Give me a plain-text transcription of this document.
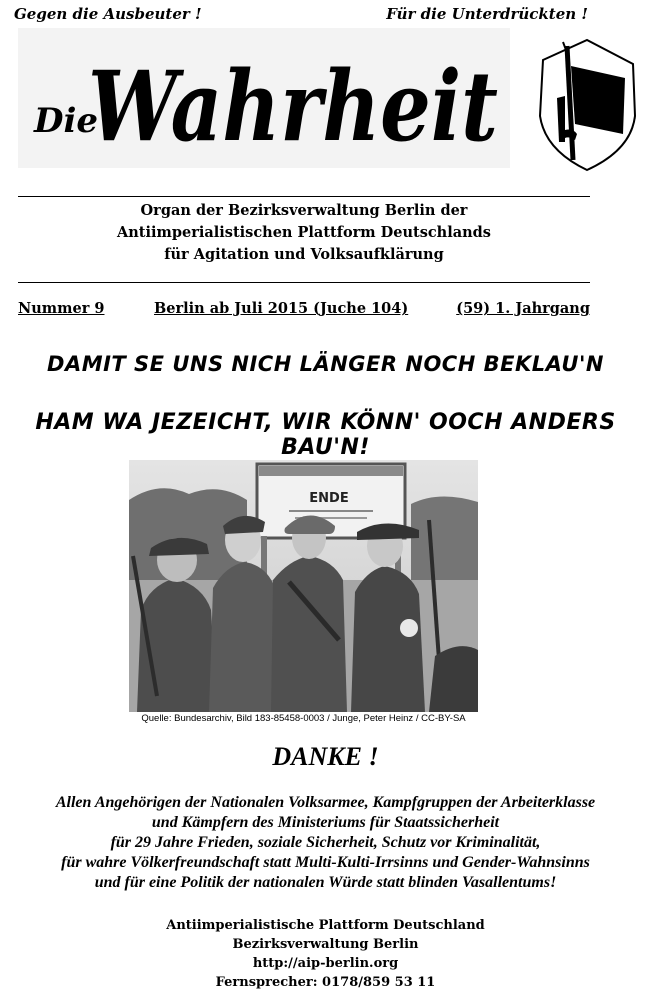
Gegen die Ausbeuter !	Für die Unterdrückten !
Die
Wahrheit
Organ der Bezirksverwaltung Berlin der
Antiimperialistischen Plattform Deutschlands
für Agitation und Volksaufklärung
Nummer 9	Berlin ab Juli 2015 (Juche 104)	(59) 1. Jahrgang
DAMIT SE UNS NICH LÄNGER NOCH BEKLAU'N
HAM WA JEZEICHT, WIR KÖNN' OOCH ANDERS BAU'N!
ENDE
Quelle: Bundesarchiv, Bild 183-85458-0003 / Junge, Peter Heinz / CC-BY-SA
DANKE !
Allen Angehörigen der Nationalen Volksarmee, Kampfgruppen der Arbeiterklasse
und Kämpfern des Ministeriums für Staatssicherheit
für 29 Jahre Frieden, soziale Sicherheit, Schutz vor Kriminalität,
für wahre Völkerfreundschaft statt Multi-Kulti-Irrsinns und Gender-Wahnsinns
und für eine Politik der nationalen Würde statt blinden Vasallentums!
Antiimperialistische Plattform Deutschland
Bezirksverwaltung Berlin
http://aip-berlin.org
Fernsprecher: 0178/859 53 11
